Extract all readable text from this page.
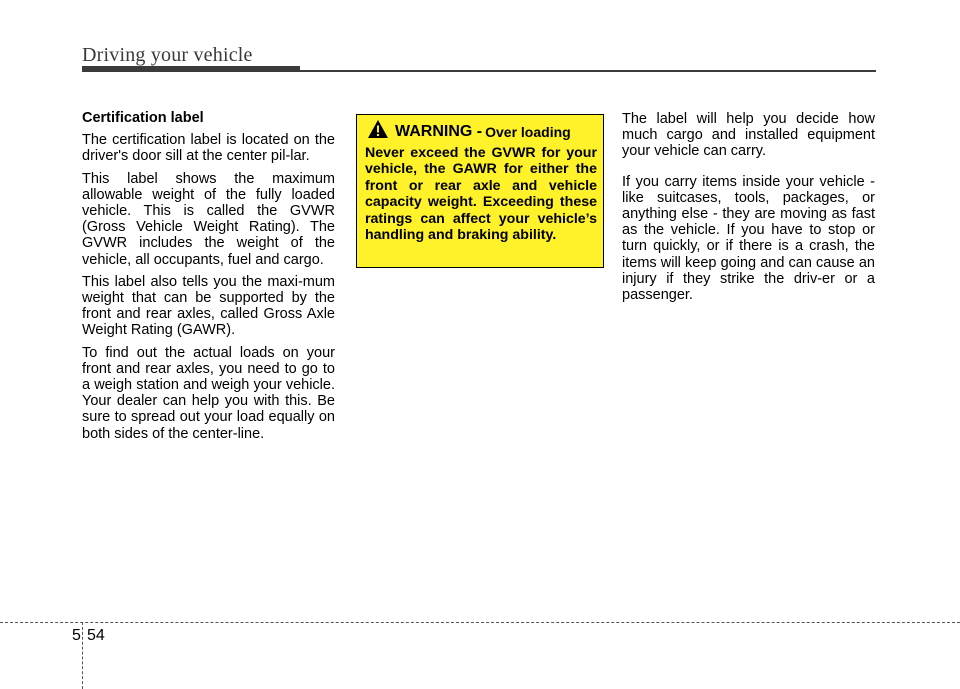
Driving your vehicle

Certification label

The certification label is located on the driver's door sill at the center pil-lar.

This label shows the maximum allowable weight of the fully loaded vehicle. This is called the GVWR (Gross Vehicle Weight Rating). The GVWR includes the weight of the vehicle, all occupants, fuel and cargo.

This label also tells you the maxi-mum weight that can be supported by the front and rear axles, called Gross Axle Weight Rating (GAWR).

To find out the actual loads on your front and rear axles, you need to go to a weigh station and weigh your vehicle. Your dealer can help you with this. Be sure to spread out your load equally on both sides of the center-line.

WARNING - Over loading

Never exceed the GVWR for your vehicle, the GAWR for either the front or rear axle and vehicle capacity weight. Exceeding these ratings can affect your vehicle’s handling and braking ability.

The label will help you decide how much cargo and installed equipment your vehicle can carry.

If you carry items inside your vehicle - like suitcases, tools, packages, or anything else - they are moving as fast as the vehicle. If you have to stop or turn quickly, or if there is a crash, the items will keep going and can cause an injury if they strike the driv-er or a passenger.

5 54
